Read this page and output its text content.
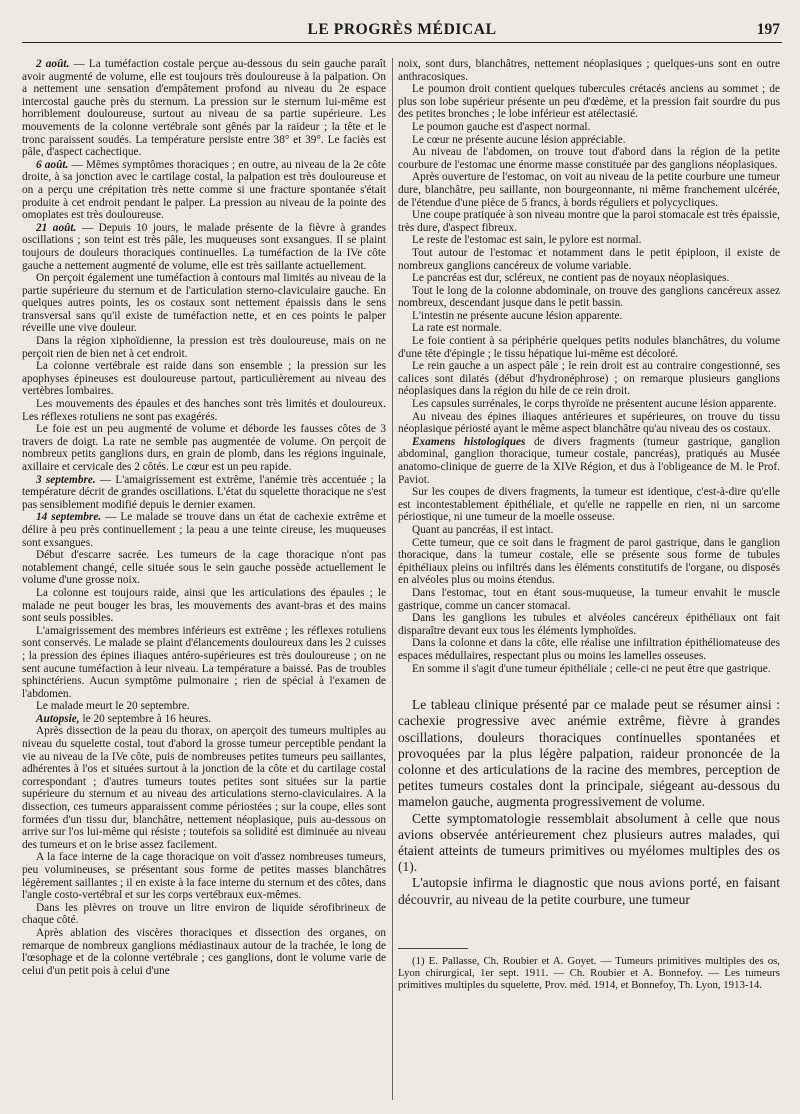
LE PROGRÈS MÉDICAL	197

2 août. — La tuméfaction costale perçue au-dessous du sein gauche paraît avoir augmenté de volume, elle est toujours très douloureuse à la palpation. On a nettement une sensation d'empâtement profond au niveau du 2e espace intercostal gauche près du sternum. La pression sur le sternum lui-même est horriblement douloureuse, surtout au niveau de sa partie supérieure. Les mouvements de la colonne vertébrale sont gênés par la raideur ; la tête et le tronc paraissent soudés. La température persiste entre 38° et 39°. Le faciès est pâle, d'aspect cachectique.

6 août. — Mêmes symptômes thoraciques ; en outre, au niveau de la 2e côte droite, à sa jonction avec le cartilage costal, la palpation est très douloureuse et on a perçu une crépitation très nette comme si une fracture spontanée s'était produite à cet endroit pendant le palper. La pression au niveau de la pointe des omoplates est très douloureuse.

21 août. — Depuis 10 jours, le malade présente de la fièvre à grandes oscillations ; son teint est très pâle, les muqueuses sont exsangues. Il se plaint toujours de douleurs thoraciques continuelles. La tuméfaction de la IVe côte gauche a nettement augmenté de volume, elle est très saillante actuellement.

On perçoit également une tuméfaction à contours mal limités au niveau de la partie supérieure du sternum et de l'articulation sterno-claviculaire gauche. En quelques autres points, les os costaux sont nettement épaissis dans le sens transversal sans qu'il existe de tuméfaction nette, et en ces points le palper réveille une vive douleur.

Dans la région xiphoïdienne, la pression est très douloureuse, mais on ne perçoit rien de bien net à cet endroit.

La colonne vertébrale est raide dans son ensemble ; la pression sur les apophyses épineuses est douloureuse partout, particulièrement au niveau des vertèbres lombaires.

Les mouvements des épaules et des hanches sont très limités et douloureux. Les réflexes rotuliens ne sont pas exagérés.

Le foie est un peu augmenté de volume et déborde les fausses côtes de 3 travers de doigt. La rate ne semble pas augmentée de volume. On perçoit de nombreux petits ganglions durs, en grain de plomb, dans les régions inguinale, axillaire et cervicale des 2 côtés. Le cœur est un peu rapide.

3 septembre. — L'amaigrissement est extrême, l'anémie très accentuée ; la température décrit de grandes oscillations. L'état du squelette thoracique ne s'est pas sensiblement modifié depuis le dernier examen.

14 septembre. — Le malade se trouve dans un état de cachexie extrême et délire à peu près continuellement ; la peau a une teinte cireuse, les muqueuses sont exsangues.

Début d'escarre sacrée. Les tumeurs de la cage thoracique n'ont pas notablement changé, celle située sous le sein gauche possède actuellement le volume d'une grosse noix.

La colonne est toujours raide, ainsi que les articulations des épaules ; le malade ne peut bouger les bras, les mouvements des avant-bras et des mains sont seuls possibles.

L'amaigrissement des membres inférieurs est extrême ; les réflexes rotuliens sont conservés. Le malade se plaint d'élancements douloureux dans les 2 cuisses ; la pression des épines iliaques antéro-supérieures est très douloureuse ; on ne sent aucune tuméfaction à leur niveau. La température a baissé. Pas de troubles sphinctériens. Aucun symptôme pulmonaire ; rien de spécial à l'examen de l'abdomen.

Le malade meurt le 20 septembre.

Autopsie, le 20 septembre à 16 heures.

Après dissection de la peau du thorax, on aperçoit des tumeurs multiples au niveau du squelette costal, tout d'abord la grosse tumeur perceptible pendant la vie au niveau de la IVe côte, puis de nombreuses petites tumeurs peu saillantes, adhérentes à l'os et situées surtout à la jonction de la côte et du cartilage costal correspondant ; d'autres tumeurs toutes petites sont situées sur la partie supérieure du sternum et au niveau des articulations sterno-claviculaires. A la dissection, ces tumeurs apparaissent comme périostées ; sur la coupe, elles sont formées d'un tissu dur, blanchâtre, nettement néoplasique, puis au-dessous on arrive sur l'os lui-même qui résiste ; toutefois sa solidité est diminuée au niveau des tumeurs et on le brise assez facilement.

A la face interne de la cage thoracique on voit d'assez nombreuses tumeurs, peu volumineuses, se présentant sous forme de petites masses blanchâtres légèrement saillantes ; il en existe à la face interne du sternum et des côtes, dans l'angle costo-vertébral et sur les corps vertébraux eux-mêmes.

Dans les plèvres on trouve un litre environ de liquide sérofibrineux de chaque côté.

Après ablation des viscères thoraciques et dissection des organes, on remarque de nombreux ganglions médiastinaux autour de la trachée, le long de l'œsophage et de la colonne vertébrale ; ces ganglions, dont le volume varie de celui d'un petit pois à celui d'une

noix, sont durs, blanchâtres, nettement néoplasiques ; quelques-uns sont en outre anthracosiques.

Le poumon droit contient quelques tubercules crétacés anciens au sommet ; de plus son lobe supérieur présente un peu d'œdème, et la pression fait sourdre du pus des petites bronches ; le lobe inférieur est atélectasié.

Le poumon gauche est d'aspect normal.

Le cœur ne présente aucune lésion appréciable.

Au niveau de l'abdomen, on trouve tout d'abord dans la région de la petite courbure de l'estomac une énorme masse constituée par des ganglions néoplasiques.

Après ouverture de l'estomac, on voit au niveau de la petite courbure une tumeur dure, blanchâtre, peu saillante, non bourgeonnante, ni même franchement ulcérée, de l'étendue d'une pièce de 5 francs, à bords réguliers et polycycliques.

Une coupe pratiquée à son niveau montre que la paroi stomacale est très épaissie, très dure, d'aspect fibreux.

Le reste de l'estomac est sain, le pylore est normal.

Tout autour de l'estomac et notamment dans le petit épiploon, il existe de nombreux ganglions cancéreux de volume variable.

Le pancréas est dur, scléreux, ne contient pas de noyaux néoplasiques.

Tout le long de la colonne abdominale, on trouve des ganglions cancéreux assez nombreux, descendant jusque dans le petit bassin.

L'intestin ne présente aucune lésion apparente.

La rate est normale.

Le foie contient à sa périphérie quelques petits nodules blanchâtres, du volume d'une tête d'épingle ; le tissu hépatique lui-même est décoloré.

Le rein gauche a un aspect pâle ; le rein droit est au contraire congestionné, ses calices sont dilatés (début d'hydronéphrose) ; on remarque plusieurs ganglions néoplasiques dans la région du hile de ce rein droit.

Les capsules surrénales, le corps thyroïde ne présentent aucune lésion apparente.

Au niveau des épines iliaques antérieures et supérieures, on trouve du tissu néoplasique périosté ayant le même aspect blanchâtre qu'au niveau des os costaux.

Examens histologiques de divers fragments (tumeur gastrique, ganglion abdominal, ganglion thoracique, tumeur costale, pancréas), pratiqués au Musée anatomo-clinique de guerre de la XIVe Région, et dus à l'obligeance de M. le Prof. Paviot.

Sur les coupes de divers fragments, la tumeur est identique, c'est-à-dire qu'elle est incontestablement épithéliale, et qu'elle ne rappelle en rien, ni un sarcome périostique, ni une tumeur de la moelle osseuse.

Quant au pancréas, il est intact.

Cette tumeur, que ce soit dans le fragment de paroi gastrique, dans le ganglion thoracique, dans la tumeur costale, elle se présente sous forme de tubules épithéliaux pleins ou infiltrés dans les éléments constitutifs de l'organe, ou disposés en alvéoles plus ou moins étendus.

Dans l'estomac, tout en étant sous-muqueuse, la tumeur envahit le muscle gastrique, comme un cancer stomacal.

Dans les ganglions les tubules et alvéoles cancéreux épithéliaux ont fait disparaître devant eux tous les éléments lymphoïdes.

Dans la colonne et dans la côte, elle réalise une infiltration épithéliomateuse des espaces médullaires, respectant plus ou moins les lamelles osseuses.

En somme il s'agit d'une tumeur épithéliale ; celle-ci ne peut être que gastrique.

Le tableau clinique présenté par ce malade peut se résumer ainsi : cachexie progressive avec anémie extrême, fièvre à grandes oscillations, douleurs thoraciques continuelles spontanées et provoquées par la plus légère palpation, raideur prononcée de la colonne et des articulations de la racine des membres, perception de petites tumeurs costales dont la principale, siégeant au-dessous du mamelon gauche, augmenta progressivement de volume.

Cette symptomatologie ressemblait absolument à celle que nous avions observée antérieurement chez plusieurs autres malades, qui étaient atteints de tumeurs primitives ou myélomes multiples des os (1).

L'autopsie infirma le diagnostic que nous avions porté, en faisant découvrir, au niveau de la petite courbure, une tumeur

(1) E. Pallasse, Ch. Roubier et A. Goyet. — Tumeurs primitives multiples des os, Lyon chirurgical, 1er sept. 1911. — Ch. Roubier et A. Bonnefoy. — Les tumeurs primitives multiples du squelette, Prov. méd. 1914, et Bonnefoy, Th. Lyon, 1913-14.
